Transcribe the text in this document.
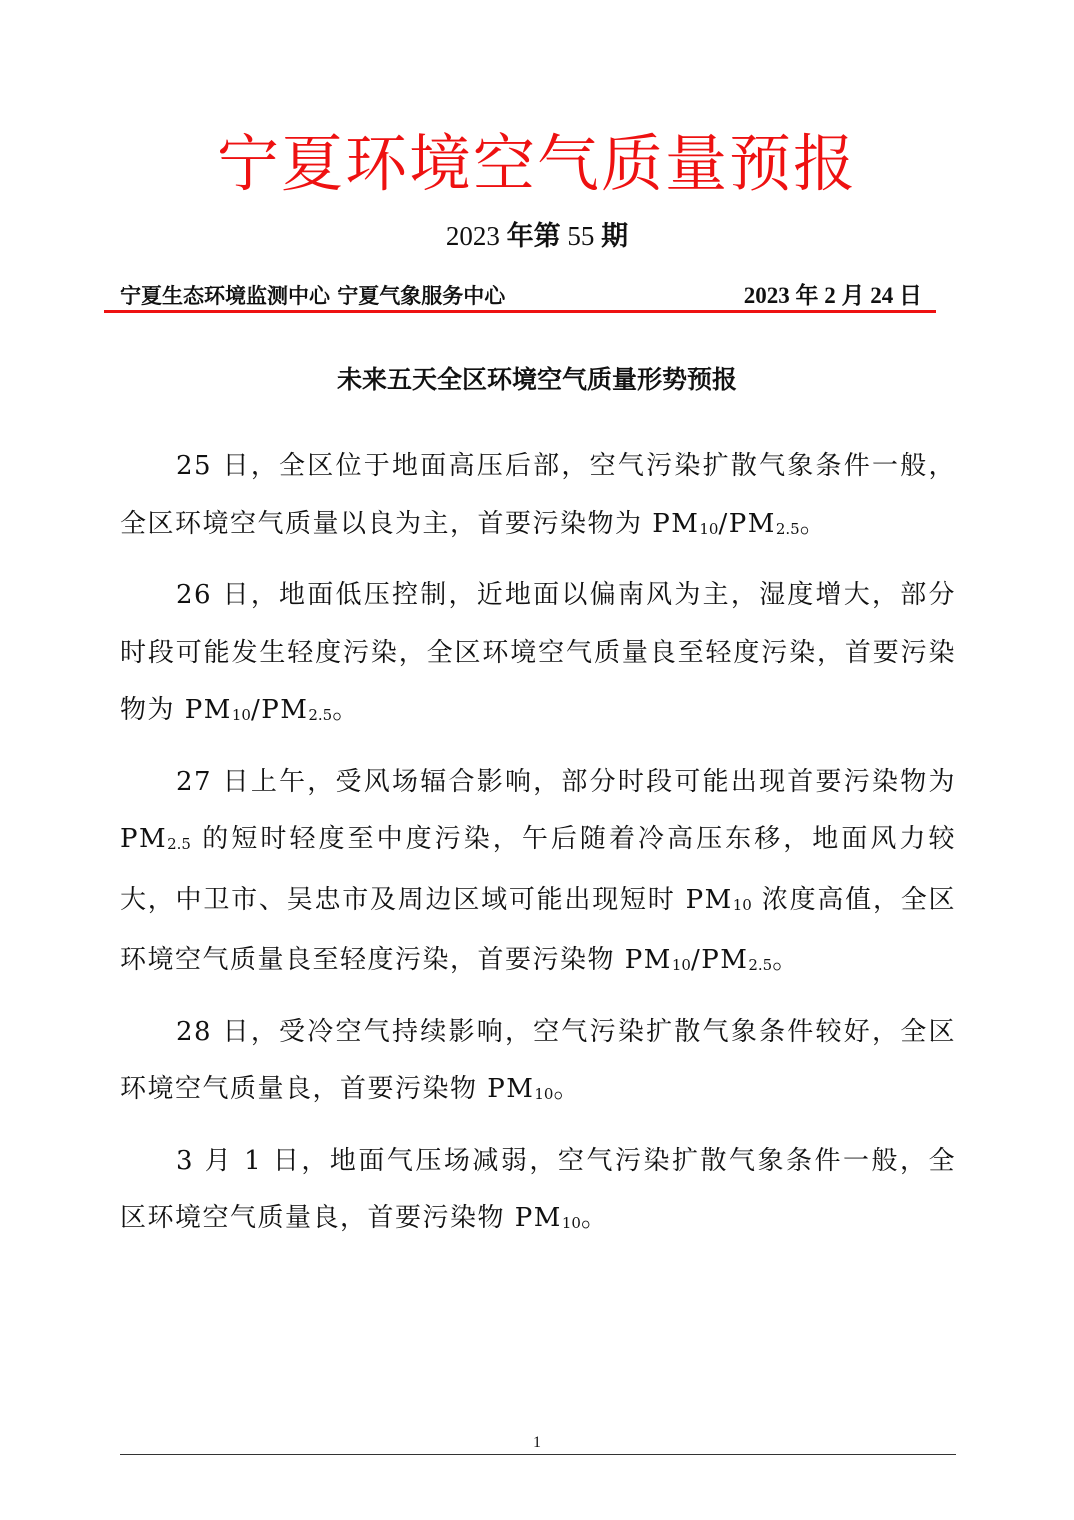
宁夏环境空气质量预报
2023 年第 55 期
宁夏生态环境监测中心 宁夏气象服务中心	2023 年 2 月 24 日
未来五天全区环境空气质量形势预报

25 日，全区位于地面高压后部，空气污染扩散气象条件一般，全区环境空气质量以良为主，首要污染物为 $PM_{10}/PM_{2.5}$。

26 日，地面低压控制，近地面以偏南风为主，湿度增大，部分时段可能发生轻度污染，全区环境空气质量良至轻度污染，首要污染物为 $PM_{10}/PM_{2.5}$。

27 日上午，受风场辐合影响，部分时段可能出现首要污染物为 $PM_{2.5}$ 的短时轻度至中度污染，午后随着冷高压东移，地面风力较大，中卫市、吴忠市及周边区域可能出现短时 $PM_{10}$ 浓度高值，全区环境空气质量良至轻度污染，首要污染物 $PM_{10}/PM_{2.5}$。

28 日，受冷空气持续影响，空气污染扩散气象条件较好，全区环境空气质量良，首要污染物 $PM_{10}$。

3 月 1 日，地面气压场减弱，空气污染扩散气象条件一般，全区环境空气质量良，首要污染物 $PM_{10}$。

1
